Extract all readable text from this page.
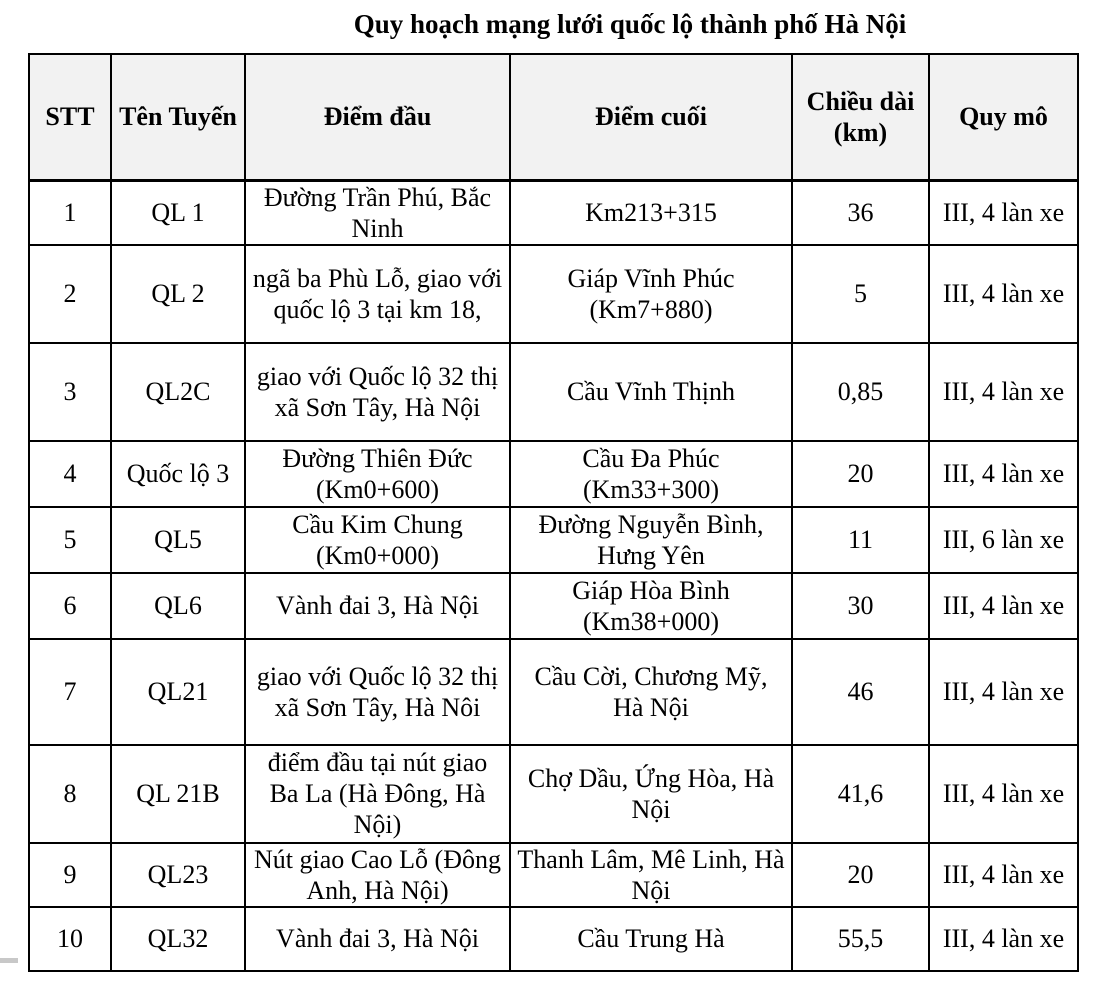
Quy hoạch mạng lưới quốc lộ thành phố Hà Nội
STT	Tên Tuyến	Điểm đầu	Điểm cuối	Chiều dài (km)	Quy mô
1	QL 1	Đường Trần Phú, Bắc Ninh	Km213+315	36	III, 4 làn xe
2	QL 2	ngã ba Phù Lỗ, giao với quốc lộ 3 tại km 18,	Giáp Vĩnh Phúc (Km7+880)	5	III, 4 làn xe
3	QL2C	giao với Quốc lộ 32 thị xã Sơn Tây, Hà Nội	Cầu Vĩnh Thịnh	0,85	III, 4 làn xe
4	Quốc lộ 3	Đường Thiên Đức (Km0+600)	Cầu Đa Phúc (Km33+300)	20	III, 4 làn xe
5	QL5	Cầu Kim Chung (Km0+000)	Đường Nguyễn Bình, Hưng Yên	11	III, 6 làn xe
6	QL6	Vành đai 3, Hà Nội	Giáp Hòa Bình (Km38+000)	30	III, 4 làn xe
7	QL21	giao với Quốc lộ 32 thị xã Sơn Tây, Hà Nôi	Cầu Cời, Chương Mỹ, Hà Nội	46	III, 4 làn xe
8	QL 21B	điểm đầu tại nút giao Ba La (Hà Đông, Hà Nội)	Chợ Dầu, Ứng Hòa, Hà Nội	41,6	III, 4 làn xe
9	QL23	Nút giao Cao Lỗ (Đông Anh, Hà Nội)	Thanh Lâm, Mê Linh, Hà Nội	20	III, 4 làn xe
10	QL32	Vành đai 3, Hà Nội	Cầu Trung Hà	55,5	III, 4 làn xe
